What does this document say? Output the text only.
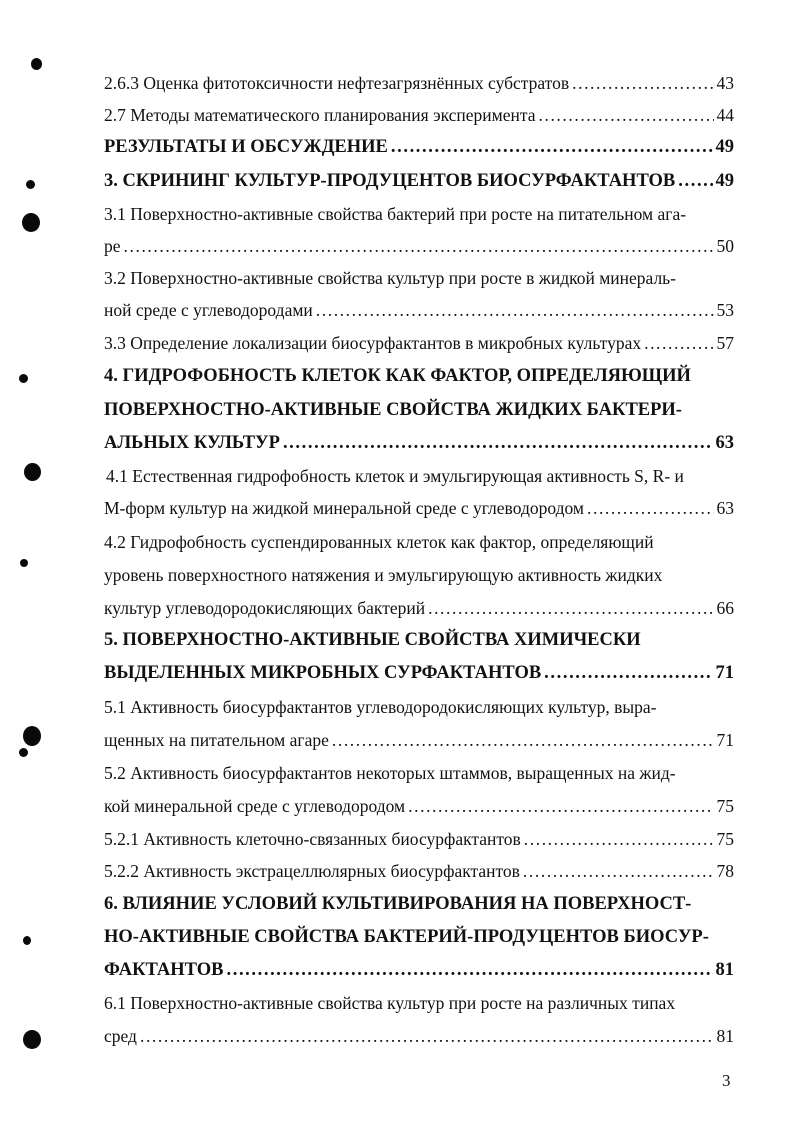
2.6.3 Оценка фитотоксичности нефтезагрязнённых субстратов .....	43
2.7 Методы математического планирования эксперимента .....	44
РЕЗУЛЬТАТЫ И ОБСУЖДЕНИЕ .....	49
3. СКРИНИНГ КУЛЬТУР-ПРОДУЦЕНТОВ БИОСУРФАКТАНТОВ ..... 49
3.1 Поверхностно-активные свойства бактерий при росте на питательном ага-
ре .....	50
3.2 Поверхностно-активные свойства культур при росте в жидкой минераль-
ной среде с углеводородами .....	53
3.3 Определение локализации биосурфактантов в микробных культурах .....	57
4. ГИДРОФОБНОСТЬ КЛЕТОК КАК ФАКТОР, ОПРЕДЕЛЯЮЩИЙ
ПОВЕРХНОСТНО-АКТИВНЫЕ СВОЙСТВА ЖИДКИХ БАКТЕРИ-
АЛЬНЫХ КУЛЬТУР .....	63
4.1 Естественная гидрофобность клеток и эмульгирующая активность S, R- и
М-форм культур на жидкой минеральной среде с углеводородом .....	63
4.2 Гидрофобность суспендированных клеток как фактор, определяющий
уровень поверхностного натяжения и эмульгирующую активность жидких
культур углеводородокисляющих бактерий .....	66
5. ПОВЕРХНОСТНО-АКТИВНЫЕ СВОЙСТВА ХИМИЧЕСКИ
ВЫДЕЛЕННЫХ МИКРОБНЫХ СУРФАКТАНТОВ .....	71
5.1 Активность биосурфактантов углеводородокисляющих культур, выра-
щенных на питательном агаре .....	71
5.2 Активность биосурфактантов некоторых штаммов, выращенных на жид-
кой минеральной среде с углеводородом .....	75
5.2.1 Активность клеточно-связанных биосурфактантов .....	75
5.2.2 Активность экстрацеллюлярных биосурфактантов .....	78
6. ВЛИЯНИЕ УСЛОВИЙ КУЛЬТИВИРОВАНИЯ НА ПОВЕРХНОСТ-
НО-АКТИВНЫЕ СВОЙСТВА БАКТЕРИЙ-ПРОДУЦЕНТОВ БИОСУР-
ФАКТАНТОВ .....	81
6.1 Поверхностно-активные свойства культур при росте на различных типах
сред .....	81
3
